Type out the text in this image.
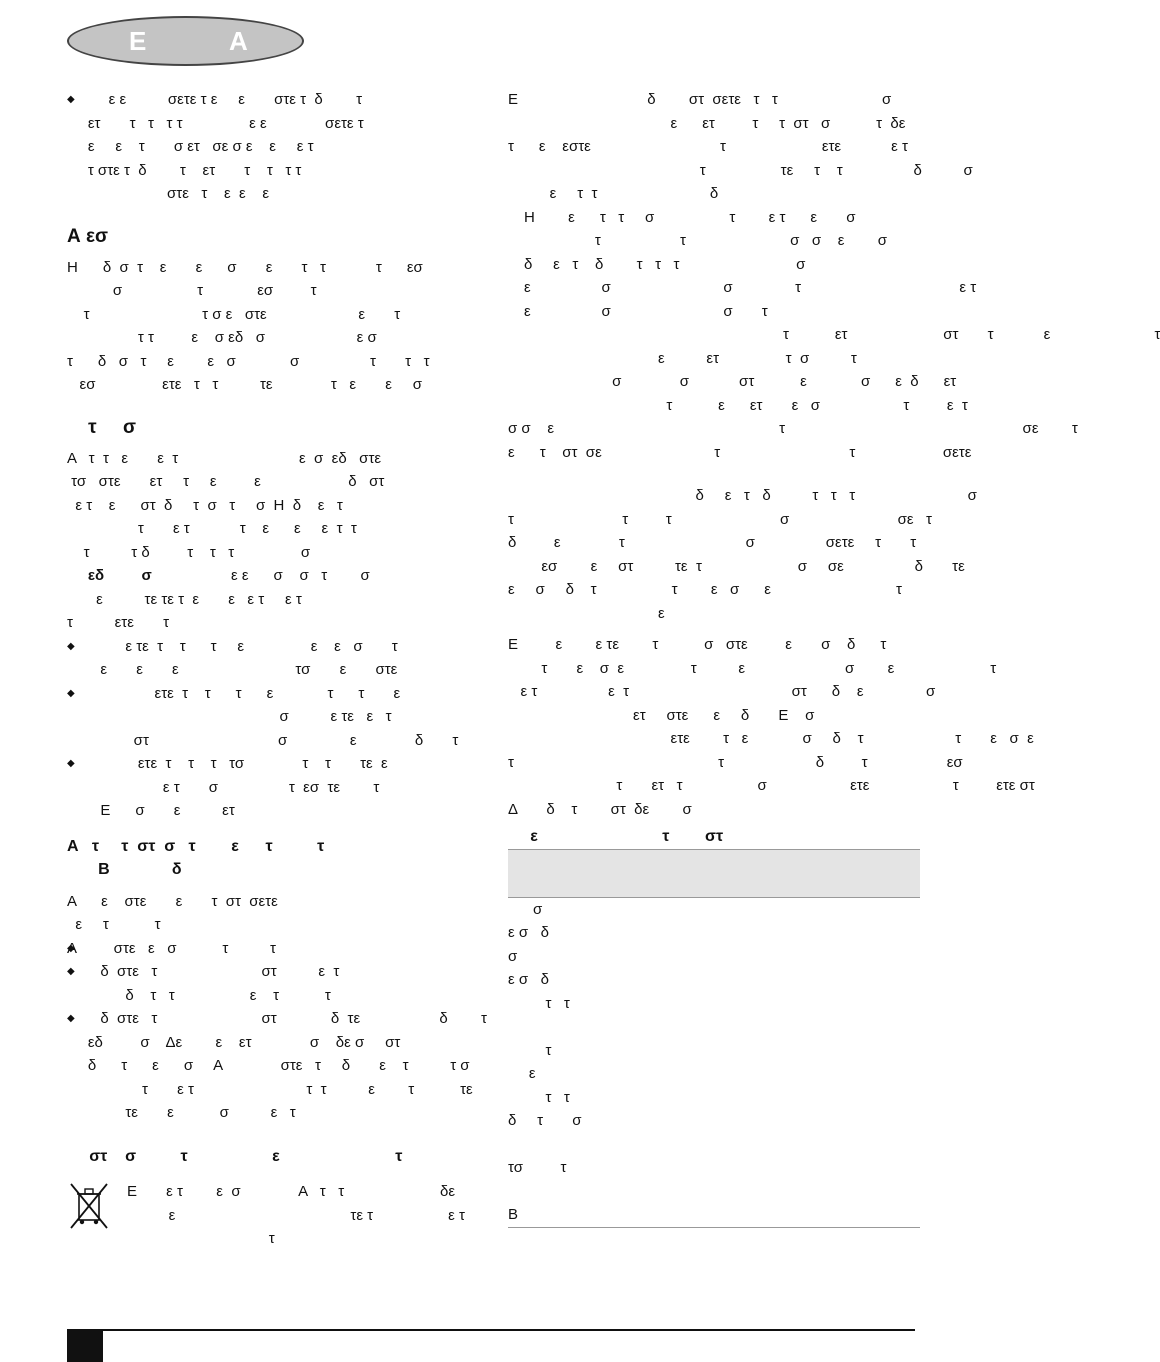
Ε	Α
◆           ε ε          σετε τ ε     ε       στε τ  δ        τ
ετ       τ   τ   τ τ                ε ε              σετε τ
ε     ε    τ       σ ετ   σε σ ε    ε     ε τ
τ στε τ  δ        τ    ετ       τ    τ   τ τ
στε   τ    ε  ε    ε
Α εσ
Η      δ  σ  τ    ε       ε      σ       ε       τ   τ            τ      εσ
σ                  τ             εσ         τ
τ                           τ σ ε   στε                      ε       τ
τ τ         ε    σ εδ   σ                      ε σ
τ      δ   σ   τ     ε        ε   σ             σ                 τ       τ   τ
εσ                ετε   τ   τ          τε              τ   ε       ε     σ
τ     σ
Α   τ  τ   ε       ε  τ                             ε  σ  εδ   στε
τσ   στε       ετ     τ     ε         ε                     δ   στ
ε τ    ε      στ  δ     τ  σ   τ     σ  Η  δ    ε   τ
τ       ε τ            τ    ε      ε     ε  τ  τ
τ          τ δ         τ    τ   τ                σ
εδ         σ                   ε ε      σ    σ   τ        σ
ε          τε τε τ  ε       ε   ε τ     ε τ
τ          ετε       τ
◆               ε τε  τ    τ      τ     ε                ε    ε   σ       τ
ε       ε       ε                            τσ       ε       στε
◆                      ετε  τ    τ      τ      ε             τ      τ       ε
σ          ε τε   ε   τ
στ                               σ               ε              δ       τ
◆                  ετε  τ    τ    τ   τσ              τ    τ       τε  ε
ε τ       σ                 τ  εσ  τε        τ
Ε      σ       ε          ετ
Α   τ     τ  στ  σ   τ        ε      τ          τ
Β              δ
Α      ε    στε       ε       τ  στ  σετε
ε     τ           τ
◆ Α         στε   ε   σ           τ          τ
◆         δ  στε   τ                         στ          ε  τ
δ    τ   τ                  ε    τ           τ
◆         δ  στε   τ                         στ             δ  τε                   δ        τ
εδ         σ    Δε        ε    ετ              σ    δε σ     στ
δ      τ      ε      σ     Α              στε   τ     δ       ε    τ          τ σ
τ       ε τ                           τ  τ          ε        τ           τε
τε       ε           σ          ε   τ
στ    σ          τ                   ε                          τ
Ε       ε τ        ε  σ              Α   τ   τ                       δε
ε                                          τε τ                  ε τ
τ
Ε                               δ        στ  σετε   τ   τ                         σ
ε      ετ         τ     τ  στ   σ           τ  δε
τ      ε    εστε                               τ                       ετε            ε τ
τ                  τε     τ    τ                 δ          σ
ε     τ  τ                           δ
Η        ε      τ   τ     σ                  τ        ε τ      ε       σ
τ                   τ                         σ   σ    ε        σ
δ     ε   τ    δ        τ   τ   τ                            σ
ε                 σ                           σ               τ                                      ε τ
ε                 σ                           σ       τ
τ           ετ                       στ       τ            ε                         τ
ε          ετ                τ  σ          τ
σ              σ            στ           ε             σ      ε  δ      ετ
τ           ε      ετ       ε   σ                    τ         ε  τ
σ σ    ε                                                      τ                                                         σε        τ
ε      τ    στ  σε                           τ                               τ                     σετε
δ     ε   τ   δ          τ   τ   τ                           σ
τ                          τ         τ                          σ                          σε   τ
δ         ε              τ                             σ                 σετε     τ       τ
εσ        ε     στ          τε  τ                       σ     σε                 δ       τε
ε     σ     δ    τ                  τ        ε   σ      ε                              τ
ε
Ε         ε        ε τε        τ           σ   στε         ε       σ    δ      τ
τ       ε    σ  ε                τ          ε                        σ        ε                       τ
ε τ                 ε  τ                                       στ      δ    ε               σ
ετ     στε      ε     δ       Ε    σ
ετε        τ   ε             σ     δ    τ                      τ       ε   σ  ε
τ                                                 τ                      δ         τ                   εσ
τ       ετ   τ                  σ                    ετε                    τ         ετε στ
Δ       δ    τ        στ  δε        σ
ε                            τ        στ
σ
ε σ   δ
σ
ε σ   δ
τ   τ

τ
ε
τ   τ
δ     τ       σ

τσ         τ

Β
